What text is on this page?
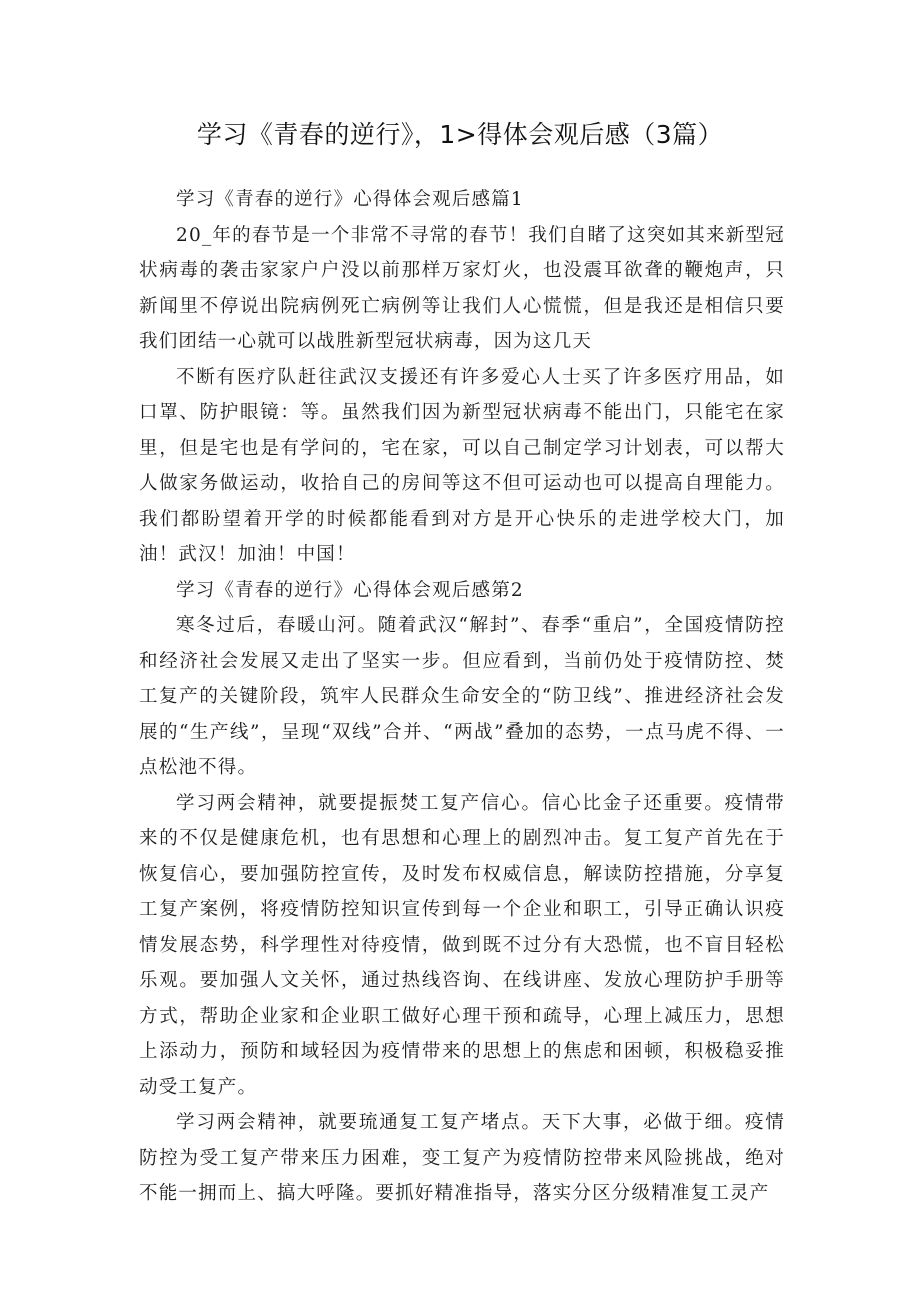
学习《青春的逆行》，1>得体会观后感（3篇）

学习《青春的逆行》心得体会观后感篇1

20_年的春节是一个非常不寻常的春节！我们自睹了这突如其来新型冠状病毒的袭击家家户户没以前那样万家灯火，也没震耳欲聋的鞭炮声，只新闻里不停说出院病例死亡病例等让我们人心慌慌，但是我还是相信只要我们团结一心就可以战胜新型冠状病毒，因为这几天

不断有医疗队赶往武汉支援还有许多爱心人士买了许多医疗用品，如口罩、防护眼镜：等。虽然我们因为新型冠状病毒不能出门，只能宅在家里，但是宅也是有学问的，宅在家，可以自己制定学习计划表，可以帮大人做家务做运动，收拾自己的房间等这不但可运动也可以提高自理能力。我们都盼望着开学的时候都能看到对方是开心快乐的走进学校大门，加油！武汉！加油！中国！

学习《青春的逆行》心得体会观后感第2

寒冬过后，春暖山河。随着武汉“解封”、春季“重启”，全国疫情防控和经济社会发展又走出了坚实一步。但应看到，当前仍处于疫情防控、焚工复产的关键阶段，筑牢人民群众生命安全的“防卫线”、推进经济社会发展的“生产线”，呈现“双线”合并、“两战”叠加的态势，一点马虎不得、一点松池不得。

学习两会精神，就要提振焚工复产信心。信心比金子还重要。疫情带来的不仅是健康危机，也有思想和心理上的剧烈冲击。复工复产首先在于恢复信心，要加强防控宣传，及时发布权威信息，解读防控措施，分享复工复产案例，将疫情防控知识宣传到每一个企业和职工，引导正确认识疫情发展态势，科学理性对待疫情，做到既不过分有大恐慌，也不盲目轻松乐观。要加强人文关怀，通过热线咨询、在线讲座、发放心理防护手册等方式，帮助企业家和企业职工做好心理干预和疏导，心理上减压力，思想上添动力，预防和域轻因为疫情带来的思想上的焦虑和困顿，积极稳妥推动受工复产。

学习两会精神，就要琉通复工复产堵点。天下大事，必做于细。疫情防控为受工复产带来压力困难，变工复产为疫情防控带来风险挑战，绝对不能一拥而上、搞大呼隆。要抓好精准指导，落实分区分级精准复工灵产
